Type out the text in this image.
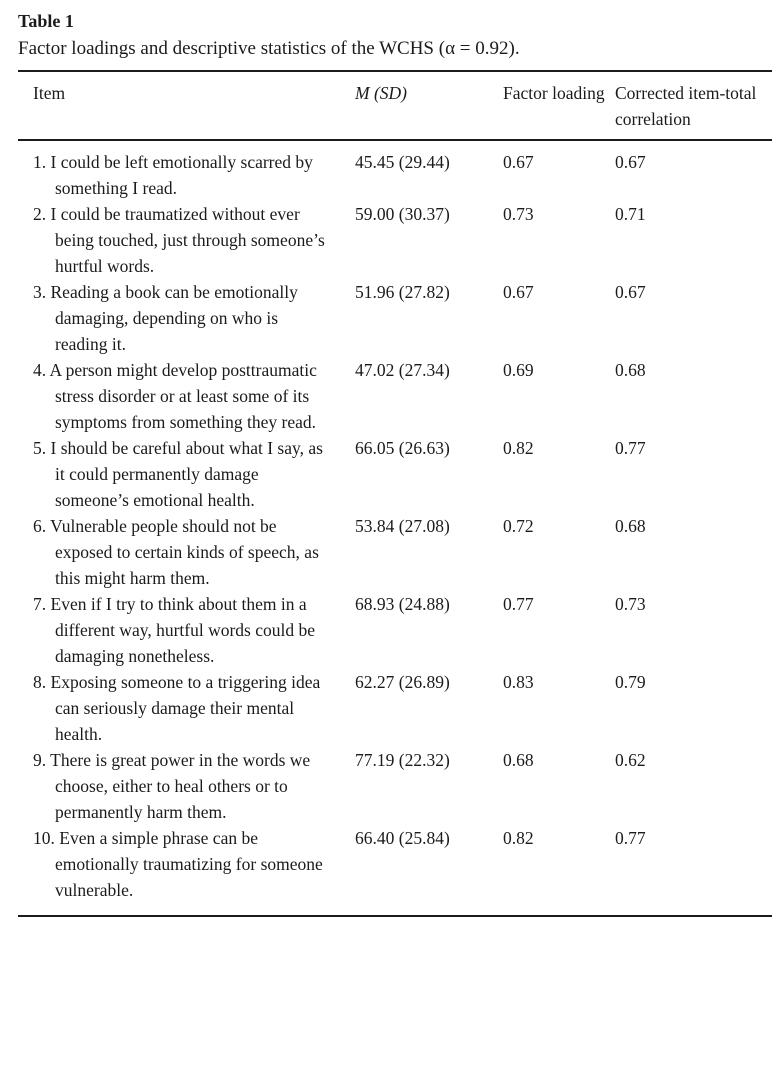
Table 1
Factor loadings and descriptive statistics of the WCHS (α = 0.92).
Item	M (SD)	Factor loading	Corrected item-total correlation

1. I could be left emotionally scarred by something I read.	45.45 (29.44)	0.67	0.67

2. I could be traumatized without ever being touched, just through someone’s hurtful words.	59.00 (30.37)	0.73	0.71

3. Reading a book can be emotionally damaging, depending on who is reading it.	51.96 (27.82)	0.67	0.67

4. A person might develop posttraumatic stress disorder or at least some of its symptoms from something they read.	47.02 (27.34)	0.69	0.68

5. I should be careful about what I say, as it could permanently damage someone’s emotional health.	66.05 (26.63)	0.82	0.77

6. Vulnerable people should not be exposed to certain kinds of speech, as this might harm them.	53.84 (27.08)	0.72	0.68

7. Even if I try to think about them in a different way, hurtful words could be damaging nonetheless.	68.93 (24.88)	0.77	0.73

8. Exposing someone to a triggering idea can seriously damage their mental health.	62.27 (26.89)	0.83	0.79

9. There is great power in the words we choose, either to heal others or to permanently harm them.	77.19 (22.32)	0.68	0.62

10. Even a simple phrase can be emotionally traumatizing for someone vulnerable.	66.40 (25.84)	0.82	0.77
